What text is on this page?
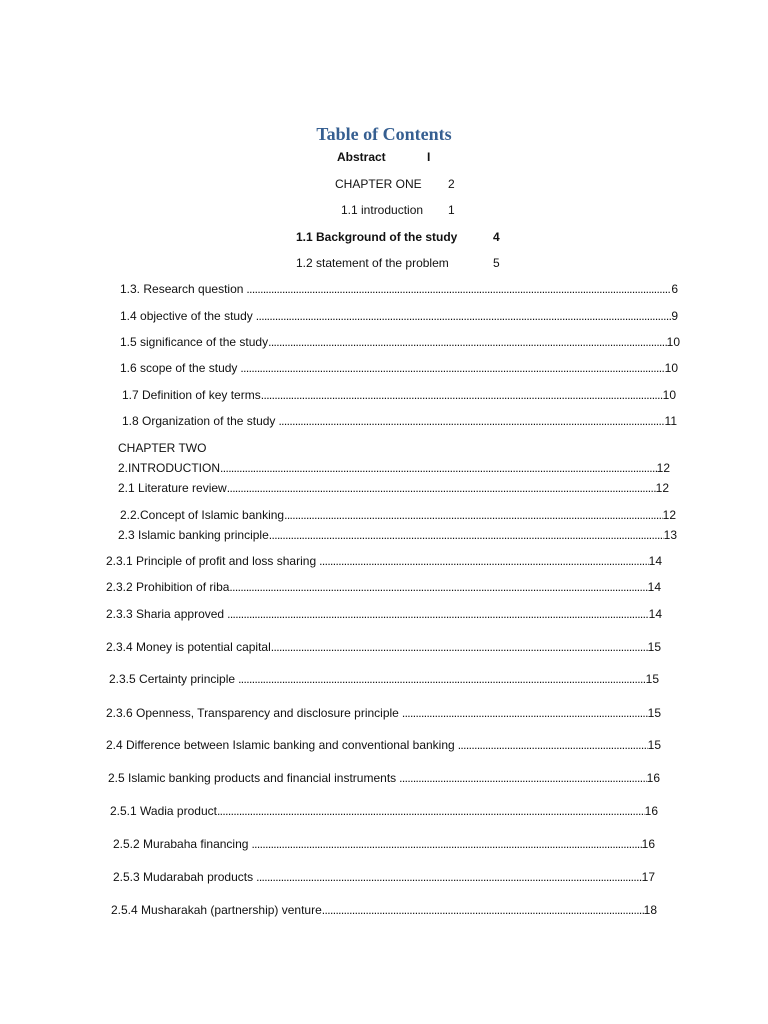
Table of Contents
Abstract	I
CHAPTER ONE 2
1.1 introduction 1
1.1 Background of the study	4
1.2 statement of the problem	5
1.3. Research question .....	6
1.4 objective of the study .....	9
1.5 significance of the study .....	10
1.6 scope of the study .....	10
1.7 Definition of key terms .....	10
1.8 Organization of the study .....	11
CHAPTER TWO
2.INTRODUCTION .....	12
2.1 Literature review .....	12
2.2.Concept of Islamic banking .....	12
2.3 Islamic banking principle .....	13
2.3.1 Principle of profit and loss sharing .....	14
2.3.2 Prohibition of riba .....	14
2.3.3 Sharia approved .....	14
2.3.4 Money is potential capital .....	15
2.3.5 Certainty principle .....	15
2.3.6 Openness, Transparency and disclosure principle .....	15
2.4 Difference between Islamic banking and conventional banking .....	15
2.5 Islamic banking products and financial instruments .....	16
2.5.1 Wadia product .....	16
2.5.2 Murabaha financing .....	16
2.5.3 Mudarabah products .....	17
2.5.4 Musharakah (partnership) venture .....	18
